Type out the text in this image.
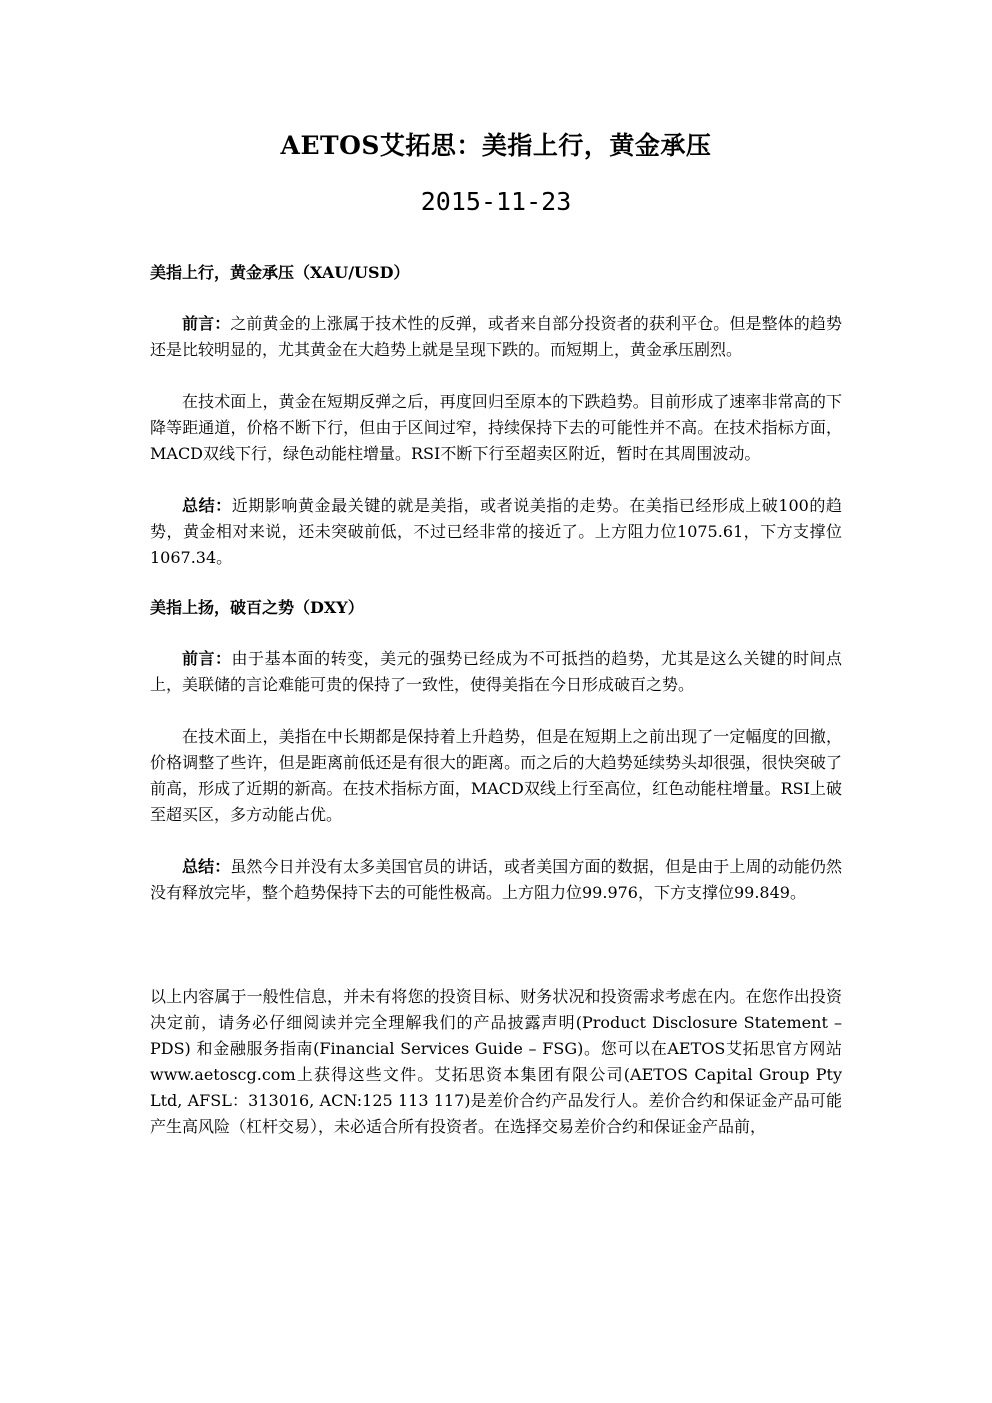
AETOS艾拓思：美指上行，黄金承压
2015-11-23
美指上行，黄金承压（XAU/USD）

前言：之前黄金的上涨属于技术性的反弹，或者来自部分投资者的获利平仓。但是整体的趋势还是比较明显的，尤其黄金在大趋势上就是呈现下跌的。而短期上，黄金承压剧烈。

在技术面上，黄金在短期反弹之后，再度回归至原本的下跌趋势。目前形成了速率非常高的下降等距通道，价格不断下行，但由于区间过窄，持续保持下去的可能性并不高。在技术指标方面，MACD双线下行，绿色动能柱增量。RSI不断下行至超卖区附近，暂时在其周围波动。

总结：近期影响黄金最关键的就是美指，或者说美指的走势。在美指已经形成上破100的趋势，黄金相对来说，还未突破前低，不过已经非常的接近了。上方阻力位1075.61，下方支撑位1067.34。

美指上扬，破百之势（DXY）

前言：由于基本面的转变，美元的强势已经成为不可抵挡的趋势，尤其是这么关键的时间点上，美联储的言论难能可贵的保持了一致性，使得美指在今日形成破百之势。

在技术面上，美指在中长期都是保持着上升趋势，但是在短期上之前出现了一定幅度的回撤，价格调整了些许，但是距离前低还是有很大的距离。而之后的大趋势延续势头却很强，很快突破了前高，形成了近期的新高。在技术指标方面，MACD双线上行至高位，红色动能柱增量。RSI上破至超买区，多方动能占优。

总结：虽然今日并没有太多美国官员的讲话，或者美国方面的数据，但是由于上周的动能仍然没有释放完毕，整个趋势保持下去的可能性极高。上方阻力位99.976，下方支撑位99.849。

以上内容属于一般性信息，并未有将您的投资目标、财务状况和投资需求考虑在内。在您作出投资决定前，请务必仔细阅读并完全理解我们的产品披露声明(Product Disclosure Statement – PDS) 和金融服务指南(Financial Services Guide – FSG)。您可以在AETOS艾拓思官方网站www.aetoscg.com上获得这些文件。艾拓思资本集团有限公司(AETOS Capital Group Pty Ltd, AFSL：313016, ACN:125 113 117)是差价合约产品发行人。差价合约和保证金产品可能产生高风险（杠杆交易），未必适合所有投资者。在选择交易差价合约和保证金产品前，
